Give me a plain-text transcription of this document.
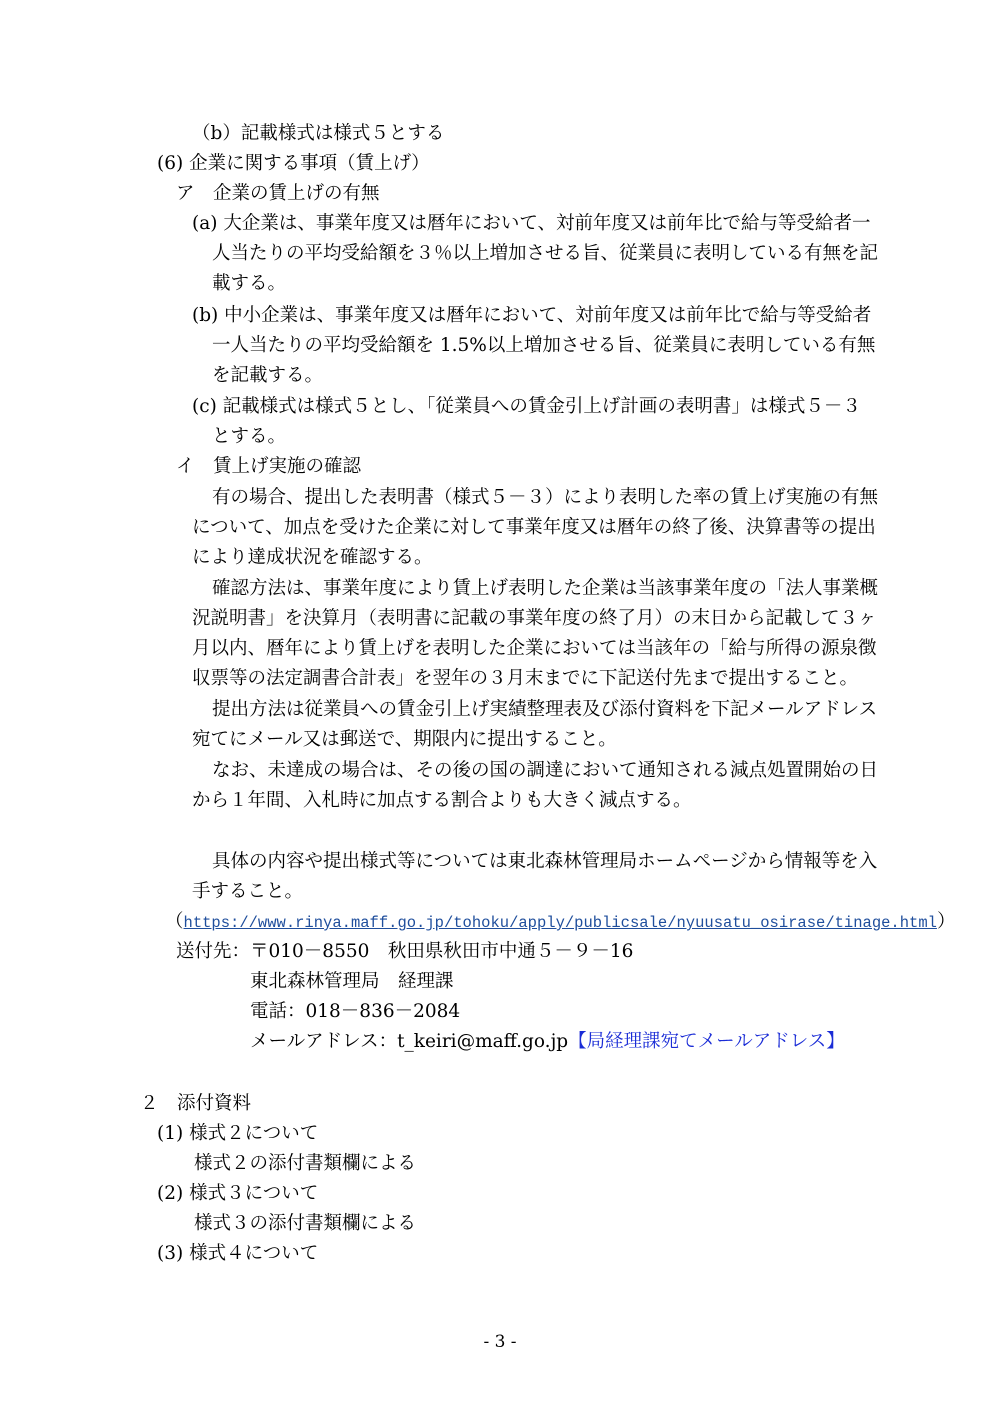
（b）記載様式は様式５とする
(6) 企業に関する事項（賃上げ）
ア　企業の賃上げの有無
(a) 大企業は、事業年度又は暦年において、対前年度又は前年比で給与等受給者一
人当たりの平均受給額を３％以上増加させる旨、従業員に表明している有無を記
載する。
(b) 中小企業は、事業年度又は暦年において、対前年度又は前年比で給与等受給者
一人当たりの平均受給額を 1.5%以上増加させる旨、従業員に表明している有無
を記載する。
(c) 記載様式は様式５とし、「従業員への賃金引上げ計画の表明書」は様式５－３
とする。
イ　賃上げ実施の確認
有の場合、提出した表明書（様式５－３）により表明した率の賃上げ実施の有無
について、加点を受けた企業に対して事業年度又は暦年の終了後、決算書等の提出
により達成状況を確認する。
確認方法は、事業年度により賃上げ表明した企業は当該事業年度の「法人事業概
況説明書」を決算月（表明書に記載の事業年度の終了月）の末日から記載して３ヶ
月以内、暦年により賃上げを表明した企業においては当該年の「給与所得の源泉徴
収票等の法定調書合計表」を翌年の３月末までに下記送付先まで提出すること。
提出方法は従業員への賃金引上げ実績整理表及び添付資料を下記メールアドレス
宛てにメール又は郵送で、期限内に提出すること。
なお、未達成の場合は、その後の国の調達において通知される減点処置開始の日
から１年間、入札時に加点する割合よりも大きく減点する。
具体の内容や提出様式等については東北森林管理局ホームページから情報等を入
手すること。
（https://www.rinya.maff.go.jp/tohoku/apply/publicsale/nyuusatu_osirase/tinage.html）
送付先：〒010－8550　秋田県秋田市中通５－９－16
東北森林管理局　経理課
電話：018－836－2084
メールアドレス：t_keiri@maff.go.jp【局経理課宛てメールアドレス】
２　添付資料
(1) 様式２について
様式２の添付書類欄による
(2) 様式３について
様式３の添付書類欄による
(3) 様式４について
- 3 -
